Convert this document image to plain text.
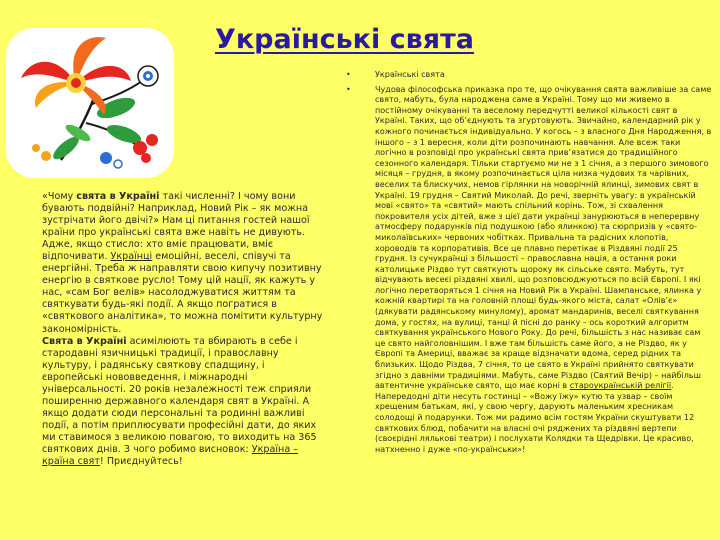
Українські свята

«Чому свята в Україні такі численні? І чому вони бувають подвійні? Наприклад, Новий Рік – як можна зустрічати його двічі?» Нам ці питання гостей нашої країни про українські свята вже навіть не дивують. Адже, якщо стисло: хто вміє працювати, вміє відпочивати. Українці емоційні, веселі, співучі та енергійні. Треба ж направляти свою кипучу позитивну енергію в святкове русло! Тому цій нації, як кажуть у нас, «сам Бог велів» насолоджуватися життям та святкувати будь-які події. А якщо погратися в «святкового аналітика», то можна помітити культурну закономірність.

Свята в Україні асимілюють та вбирають в себе і стародавні язичницькі традиції, і православну культуру, і радянську святкову спадщину, і європейські нововведення, і міжнародні універсальності. 20 років незалежності теж сприяли поширенню державного календаря свят в Україні. А якщо додати сюди персональні та родинні важливі події, а потім приплюсувати професійні дати, до яких ми ставимося з великою повагою, то виходить на 365 святкових днів. З чого робимо висновок: Україна – країна свят! Приєднуйтесь!

• Українські свята
• Чудова філософська приказка про те, що очікування свята важливіше за саме свято, мабуть, була народжена саме в Україні. Тому що ми живемо в постійному очікуванні та веселому передчутті великої кількості свят в Україні. Таких, що об’єднують та згуртовують. Звичайно, календарний рік у кожного починається індивідуально. У когось – з власного Дня Народження, в іншого – з 1 вересня, коли діти розпочинають навчання. Але всеж таки логічно в розповіді про українські свята прив’язатися до традиційного сезонного календаря. Тільки стартуємо ми не з 1 січня, а з першого зимового місяця – грудня, в якому розпочинається ціла низка чудових та чарівних, веселих та блискучих, немов гірлянки на новорічній ялинці, зимових свят в Україні. 19 грудня – Святий Миколай. До речі, зверніть увагу: в українській мові «свято» та «святий» мають спільний корінь. Тож, зі схвалення покровителя усіх дітей, вже з цієї дати українці занурюються в неперервну атмосферу подарунків під подушкою (або ялинкою) та сюрпризів у «свято-миколаївських» червоних чобітках. Привальна та радісних клопотів, хороводів та корпоративів. Все це плавно перетікає в Різдвяні події 25 грудня. Із сучукраїнці з більшості – православна нація, а остання роки католицьке Різдво тут святкують щороку як сільське свято. Мабуть, тут відчувають весеєі різдвяні хвилі, що розповсюджуються по всій Європі. І які логічно перетворяться 1 січня на Новий Рік в Україні. Шампанське, ялинка у кожній квартирі та на головній площі будь-якого міста, салат «Олів’є» (дякувати радянському минулому), аромат мандаринів, веселі святкування дома, у гостях, на вулиці, танці й пісні до ранку – ось короткий алгоритм святкування українського Нового Року. До речі, більшість з нас називає сам це свято найголовнішим. І вже там більшість саме його, а не Різдво, як у Європі та Америці, вважає за краще відзначати вдома, серед рідних та близьких. Щодо Різдва, 7 січня, то це свято в Україні прийнято святкувати згідно з давніми традиціями. Мабуть, саме Різдво (Святий Вечір) – найбільш автентичне українське свято, що має корні в староукраїнській релігії. Напередодні діти несуть гостинці – «Вожу їжу» кутю та узвар – своїм хрещеним батькам, які, у свою чергу, дарують маленьким хресникам солодощі й подарунки. Тож ми радимо всім гостям України скуштувати 12 святкових блюд, побачити на власні очі ряджених та різдвяні вертепи (своєрідні лялькові театри) і послухати Колядки та Щедрівки. Це красиво, натхненно і дуже «по-українськи»!
